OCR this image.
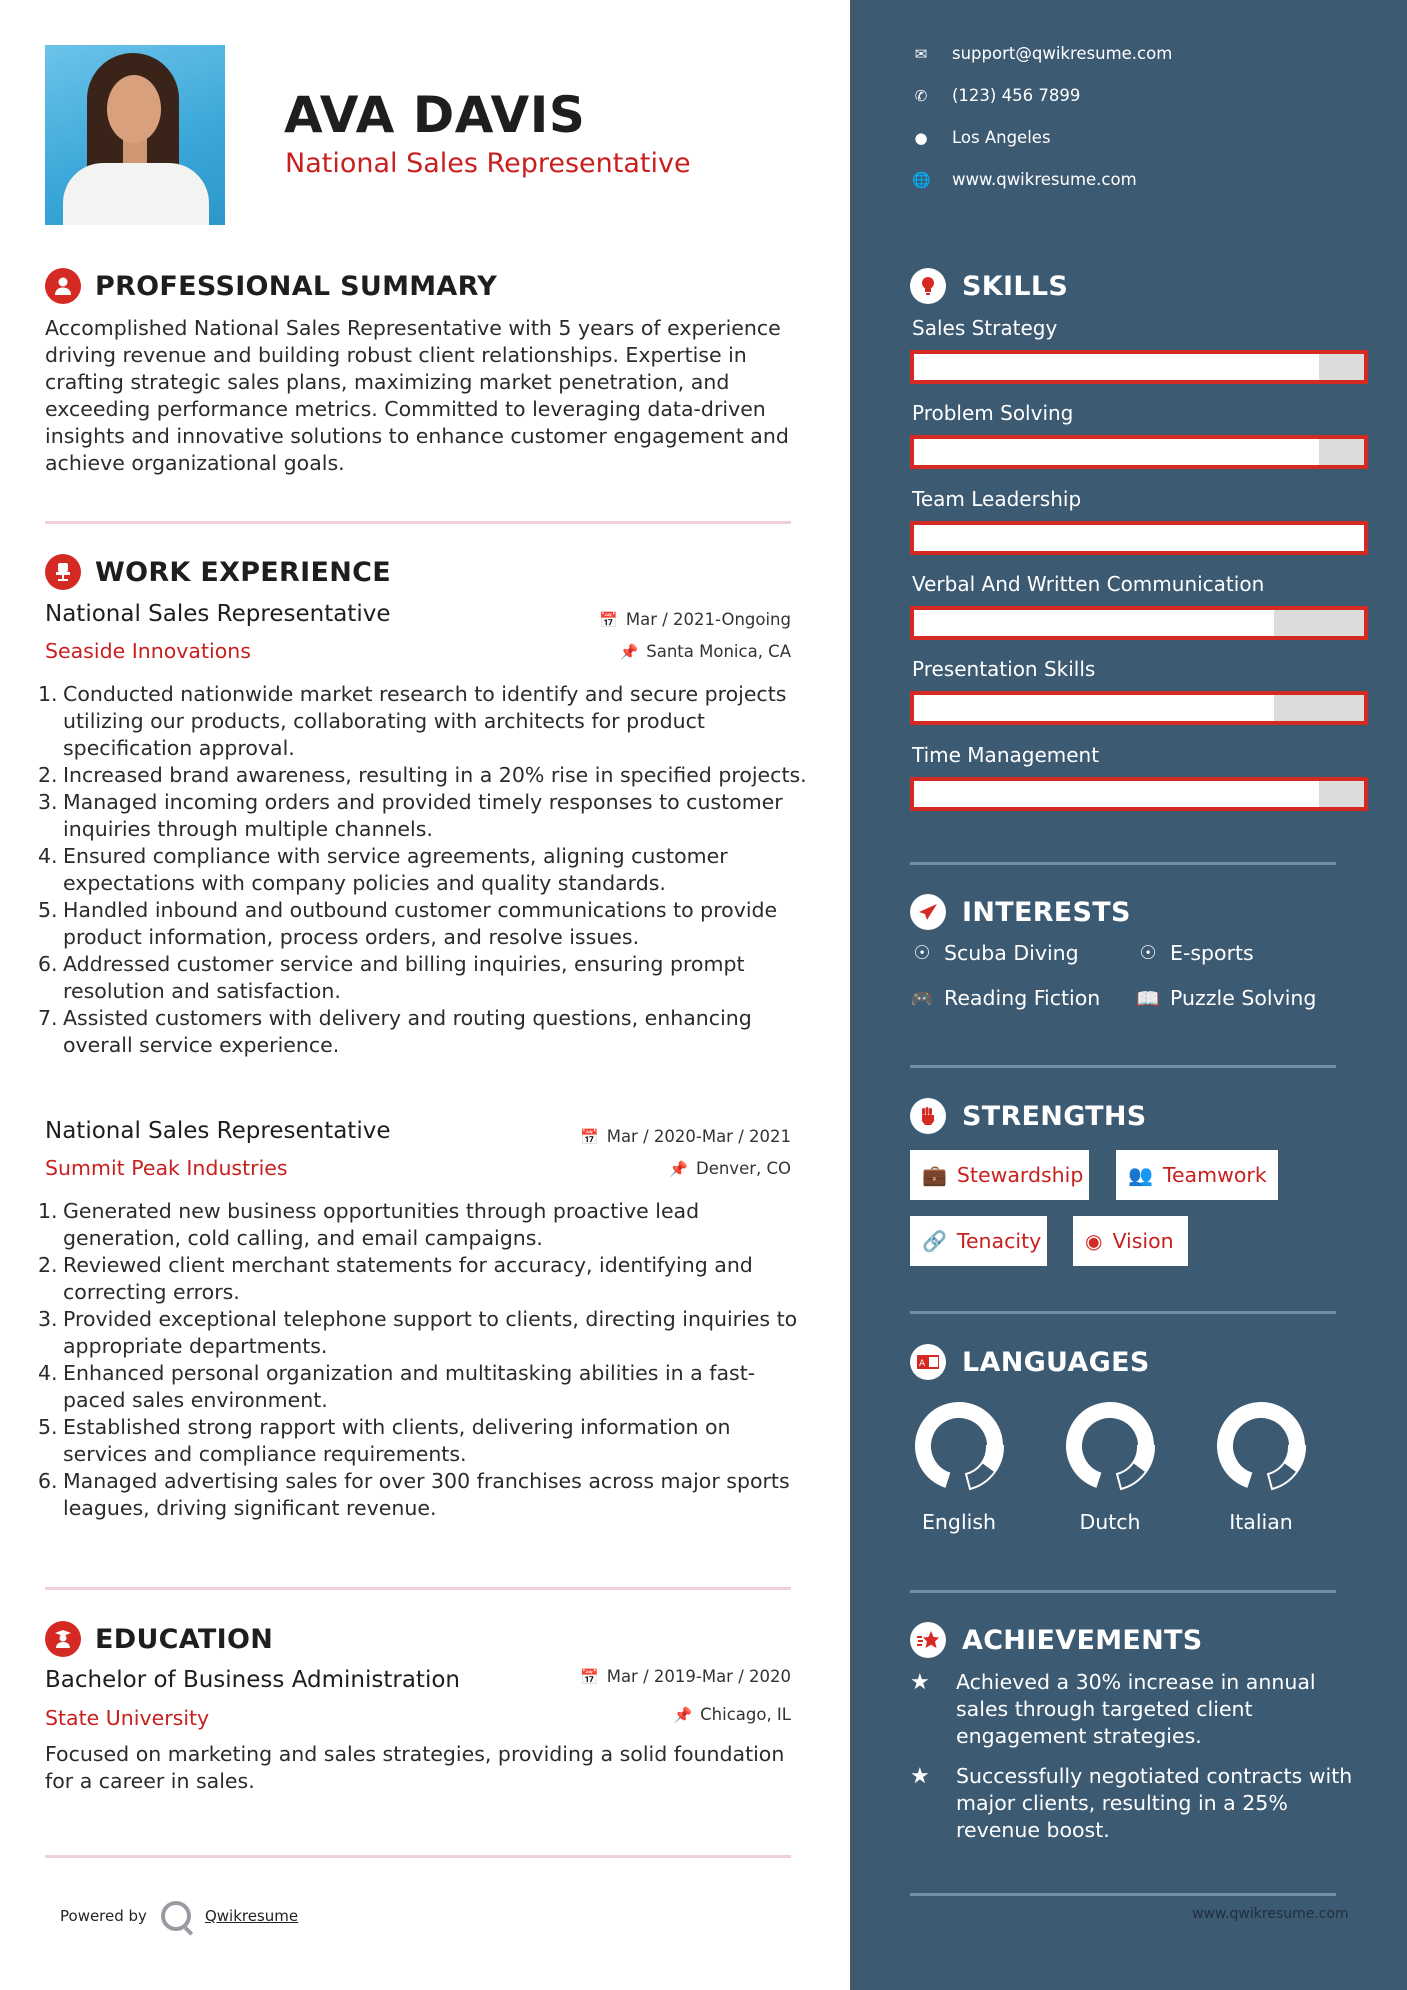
AVA DAVIS
National Sales Representative
PROFESSIONAL SUMMARY
Accomplished National Sales Representative with 5 years of experience driving revenue and building robust client relationships. Expertise in crafting strategic sales plans, maximizing market penetration, and exceeding performance metrics. Committed to leveraging data-driven insights and innovative solutions to enhance customer engagement and achieve organizational goals.
WORK EXPERIENCE
National Sales Representative	📅 Mar / 2021-Ongoing
Seaside Innovations	📌 Santa Monica, CA
Conducted nationwide market research to identify and secure projects utilizing our products, collaborating with architects for product specification approval.
Increased brand awareness, resulting in a 20% rise in specified projects.
Managed incoming orders and provided timely responses to customer inquiries through multiple channels.
Ensured compliance with service agreements, aligning customer expectations with company policies and quality standards.
Handled inbound and outbound customer communications to provide product information, process orders, and resolve issues.
Addressed customer service and billing inquiries, ensuring prompt resolution and satisfaction.
Assisted customers with delivery and routing questions, enhancing overall service experience.
National Sales Representative	📅 Mar / 2020-Mar / 2021
Summit Peak Industries	📌 Denver, CO
Generated new business opportunities through proactive lead generation, cold calling, and email campaigns.
Reviewed client merchant statements for accuracy, identifying and correcting errors.
Provided exceptional telephone support to clients, directing inquiries to appropriate departments.
Enhanced personal organization and multitasking abilities in a fast-paced sales environment.
Established strong rapport with clients, delivering information on services and compliance requirements.
Managed advertising sales for over 300 franchises across major sports leagues, driving significant revenue.
EDUCATION
Bachelor of Business Administration	📅 Mar / 2019-Mar / 2020
State University	📌 Chicago, IL
Focused on marketing and sales strategies, providing a solid foundation for a career in sales.
Powered by	Qwikresume
✉ support@qwikresume.com
✆ (123) 456 7899
● Los Angeles
🌐 www.qwikresume.com
SKILLS
Sales Strategy
Problem Solving
Team Leadership
Verbal And Written Communication
Presentation Skills
Time Management
INTERESTS
☉ Scuba Diving	☉ E-sports
🎮 Reading Fiction 📖 Puzzle Solving
STRENGTHS
💼 Stewardship 👥 Teamwork
🔗 Tenacity ◉ Vision
A LANGUAGES
English	Dutch	Italian
ACHIEVEMENTS
★	Achieved a 30% increase in annual sales through targeted client engagement strategies.
★	Successfully negotiated contracts with major clients, resulting in a 25% revenue boost.
www.qwikresume.com
